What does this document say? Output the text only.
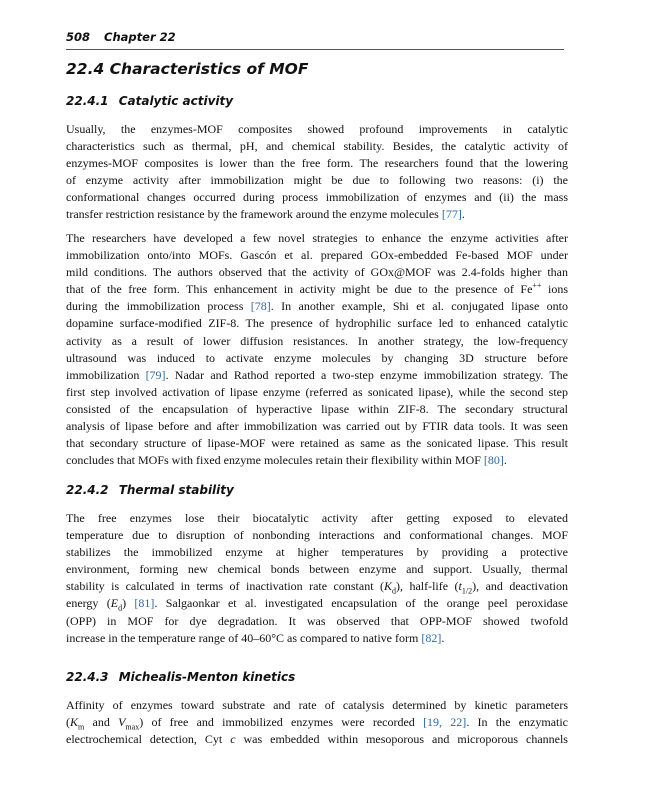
508 Chapter 22
22.4 Characteristics of MOF
22.4.1 Catalytic activity
Usually, the enzymes-MOF composites showed profound improvements in catalytic
characteristics such as thermal, pH, and chemical stability. Besides, the catalytic activity of
enzymes-MOF composites is lower than the free form. The researchers found that the lowering
of enzyme activity after immobilization might be due to following two reasons: (i) the
conformational changes occurred during process immobilization of enzymes and (ii) the mass
transfer restriction resistance by the framework around the enzyme molecules [77].
The researchers have developed a few novel strategies to enhance the enzyme activities after
immobilization onto/into MOFs. Gascón et al. prepared GOx-embedded Fe-based MOF under
mild conditions. The authors observed that the activity of GOx@MOF was 2.4-folds higher than
that of the free form. This enhancement in activity might be due to the presence of Fe++ ions
during the immobilization process [78]. In another example, Shi et al. conjugated lipase onto
dopamine surface-modified ZIF-8. The presence of hydrophilic surface led to enhanced catalytic
activity as a result of lower diffusion resistances. In another strategy, the low-frequency
ultrasound was induced to activate enzyme molecules by changing 3D structure before
immobilization [79]. Nadar and Rathod reported a two-step enzyme immobilization strategy. The
first step involved activation of lipase enzyme (referred as sonicated lipase), while the second step
consisted of the encapsulation of hyperactive lipase within ZIF-8. The secondary structural
analysis of lipase before and after immobilization was carried out by FTIR data tools. It was seen
that secondary structure of lipase-MOF were retained as same as the sonicated lipase. This result
concludes that MOFs with fixed enzyme molecules retain their flexibility within MOF [80].
22.4.2 Thermal stability
The free enzymes lose their biocatalytic activity after getting exposed to elevated
temperature due to disruption of nonbonding interactions and conformational changes. MOF
stabilizes the immobilized enzyme at higher temperatures by providing a protective
environment, forming new chemical bonds between enzyme and support. Usually, thermal
stability is calculated in terms of inactivation rate constant $(K_d)$, half-life $(t_{1/2})$, and deactivation
energy $(E_d)$ [81]. Salgaonkar et al. investigated encapsulation of the orange peel peroxidase
(OPP) in MOF for dye degradation. It was observed that OPP-MOF showed twofold
increase in the temperature range of 40–60°C as compared to native form [82].
22.4.3 Michealis-Menton kinetics
Affinity of enzymes toward substrate and rate of catalysis determined by kinetic parameters
($K_m$ and $V_{max}$) of free and immobilized enzymes were recorded [19, 22]. In the enzymatic
electrochemical detection, Cyt c was embedded within mesoporous and microporous channels
